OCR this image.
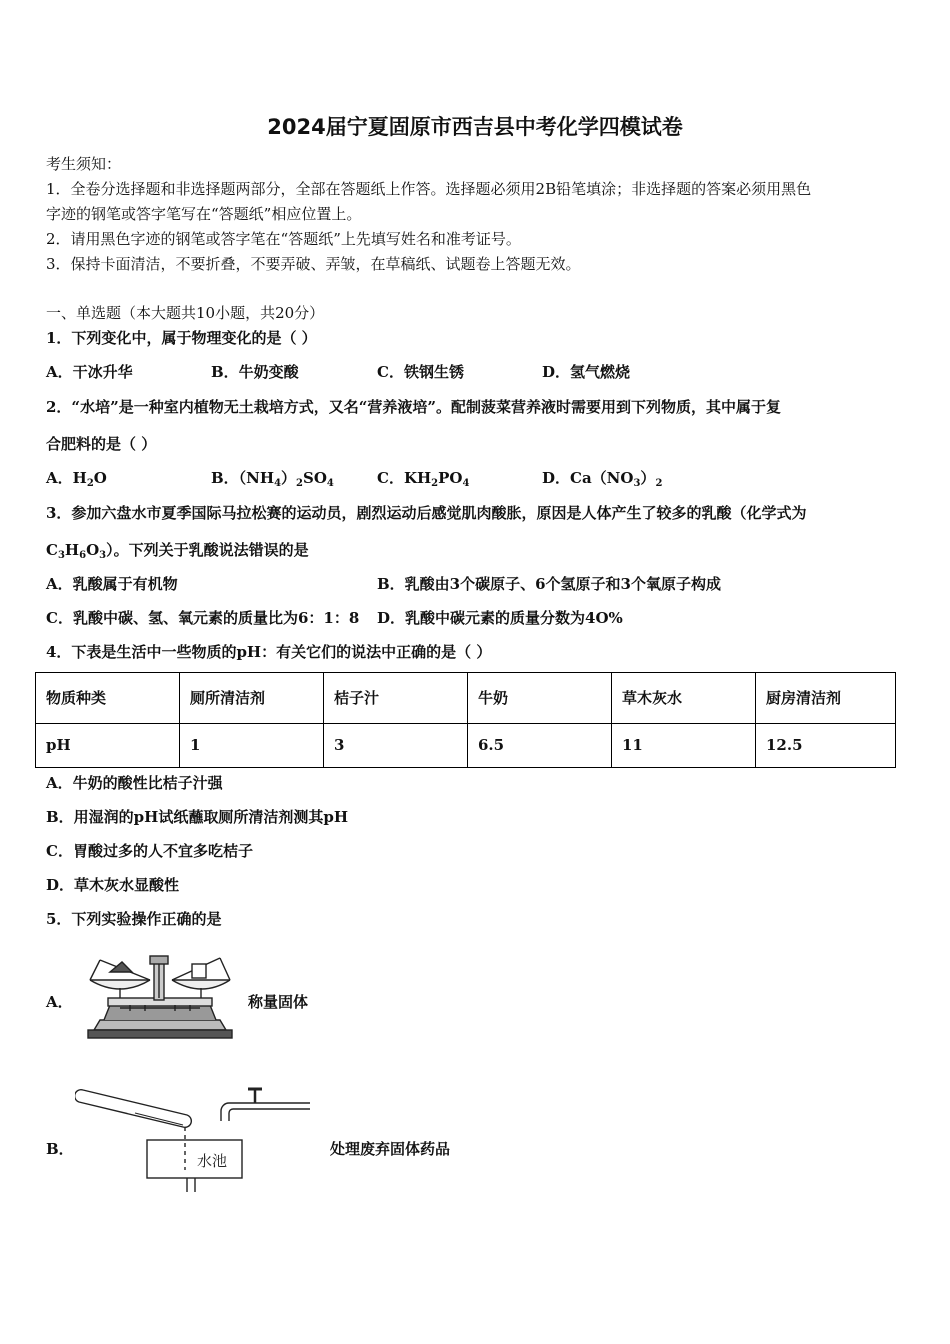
2024届宁夏固原市西吉县中考化学四模试卷
考生须知：
1．全卷分选择题和非选择题两部分，全部在答题纸上作答。选择题必须用2B铅笔填涂；非选择题的答案必须用黑色
字迹的钢笔或答字笔写在“答题纸”相应位置上。
2．请用黑色字迹的钢笔或答字笔在“答题纸”上先填写姓名和准考证号。
3．保持卡面清洁，不要折叠，不要弄破、弄皱，在草稿纸、试题卷上答题无效。
一、单选题（本大题共10小题，共20分）
1．下列变化中，属于物理变化的是（ ）
A．干冰升华	B．牛奶变酸	C．铁钢生锈	D．氢气燃烧
2．“水培”是一种室内植物无土栽培方式，又名“营养液培”。配制菠菜营养液时需要用到下列物质，其中属于复
合肥料的是（ ）
A．$H_2O$	B．$(NH_4)_2SO_4$	C．$KH_2PO_4$	D．$Ca(NO_3)_2$
3．参加六盘水市夏季国际马拉松赛的运动员，剧烈运动后感觉肌肉酸胀，原因是人体产生了较多的乳酸（化学式为
$C_3H_6O_3$）。下列关于乳酸说法错误的是
A．乳酸属于有机物	B．乳酸由3个碳原子、6个氢原子和3个氧原子构成
C．乳酸中碳、氢、氧元素的质量比为6：1：8 D．乳酸中碳元素的质量分数为4O%
4．下表是生活中一些物质的pH：有关它们的说法中正确的是（ ）
物质种类	厕所清洁剂	桔子汁	牛奶	草木灰水	厨房清洁剂
pH	1	3	6.5	11	12.5
A．牛奶的酸性比桔子汁强
B．用湿润的pH试纸蘸取厕所清洁剂测其pH
C．胃酸过多的人不宜多吃桔子
D．草木灰水显酸性
5．下列实验操作正确的是
A．	称量固体
B．
水池
处理废弃固体药品
